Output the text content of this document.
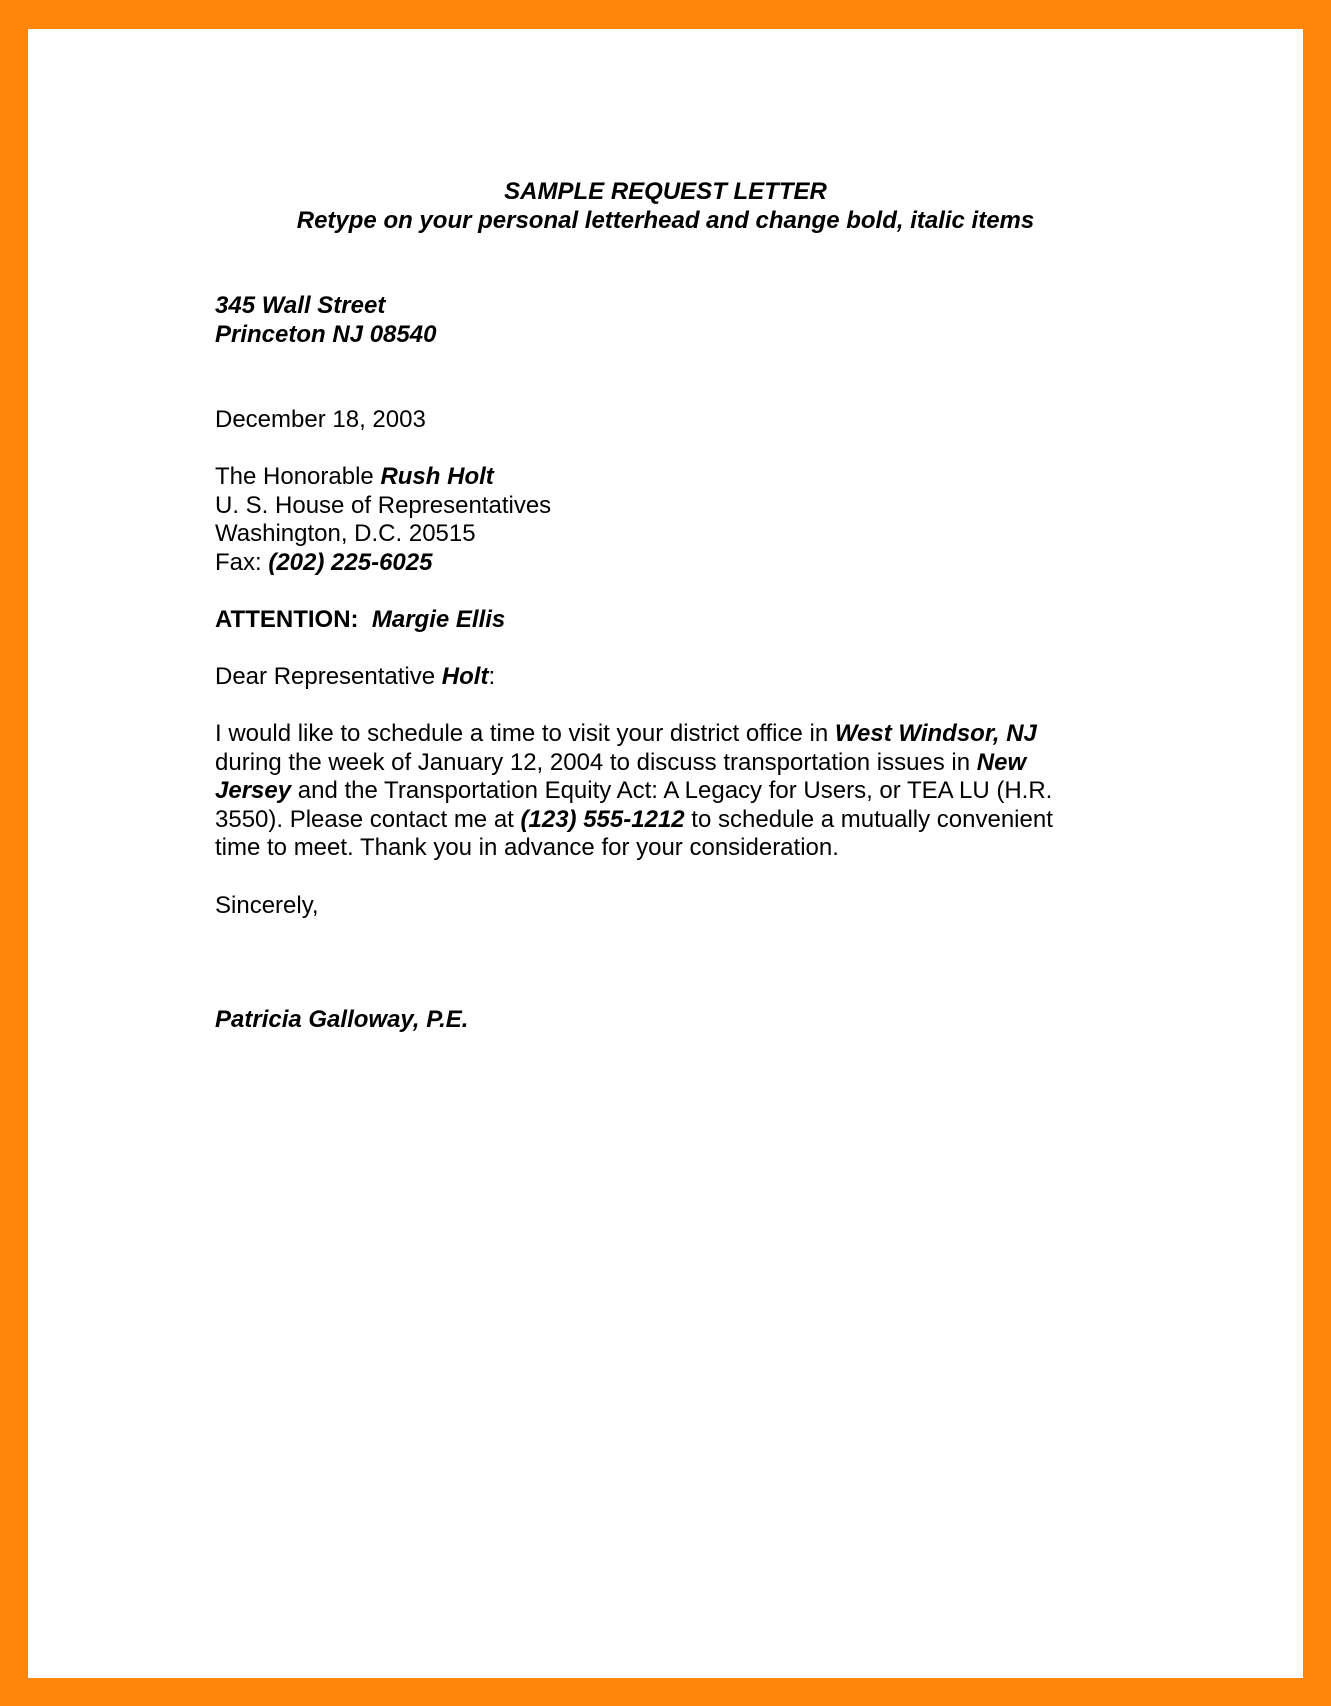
SAMPLE REQUEST LETTER
Retype on your personal letterhead and change bold, italic items
345 Wall Street
Princeton NJ 08540
December 18, 2003
The Honorable Rush Holt
U. S. House of Representatives
Washington, D.C. 20515
Fax: (202) 225-6025
ATTENTION: Margie Ellis
Dear Representative Holt:
I would like to schedule a time to visit your district office in West Windsor, NJ
during the week of January 12, 2004 to discuss transportation issues in New
Jersey and the Transportation Equity Act: A Legacy for Users, or TEA LU (H.R.
3550). Please contact me at (123) 555-1212 to schedule a mutually convenient
time to meet. Thank you in advance for your consideration.
Sincerely,
Patricia Galloway, P.E.
